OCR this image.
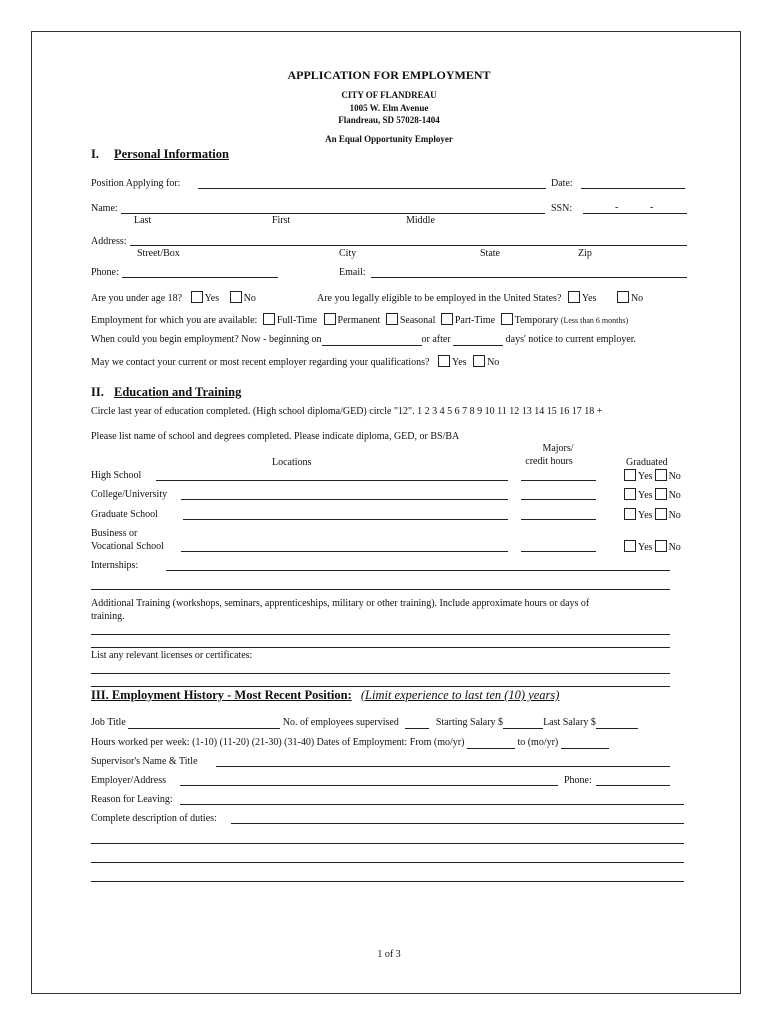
APPLICATION FOR EMPLOYMENT
CITY OF FLANDREAU
1005 W. Elm Avenue
Flandreau, SD 57028-1404
An Equal Opportunity Employer
I. Personal Information
Position Applying for:	Date:
Name:	SSN:	-	-
Last	First	Middle
Address:
Street/Box	City	State	Zip
Phone:	Email:
Are you under age 18? Yes No	Are you legally eligible to be employed in the United States? Yes	No
Employment for which you are available: Full-Time Permanent Seasonal Part-Time Temporary (Less than 6 months)
When could you begin employment? Now - beginning on	or after	days' notice to current employer.
May we contact your current or most recent employer regarding your qualifications? Yes No
II. Education and Training
Circle last year of education completed. (High school diploma/GED) circle "12". 1 2 3 4 5 6 7 8 9 10 11 12 13 14 15 16 17 18 +
Please list name of school and degrees completed. Please indicate diploma, GED, or BS/BA
Majors/
credit hours
Locations	Graduated
High School	Yes No
College/University	Yes No
Graduate School	Yes No
Business or
Vocational School	Yes No
Internships:
Additional Training (workshops, seminars, apprenticeships, military or other training). Include approximate hours or days of
training.
List any relevant licenses or certificates:
III. Employment History - Most Recent Position: (Limit experience to last ten (10) years)
Job Title	No. of employees supervised	Starting Salary $	Last Salary $
Hours worked per week: (1-10) (11-20) (21-30) (31-40) Dates of Employment: From (mo/yr)	to (mo/yr)
Supervisor's Name & Title
Employer/Address	Phone:
Reason for Leaving:
Complete description of duties:
1 of 3
